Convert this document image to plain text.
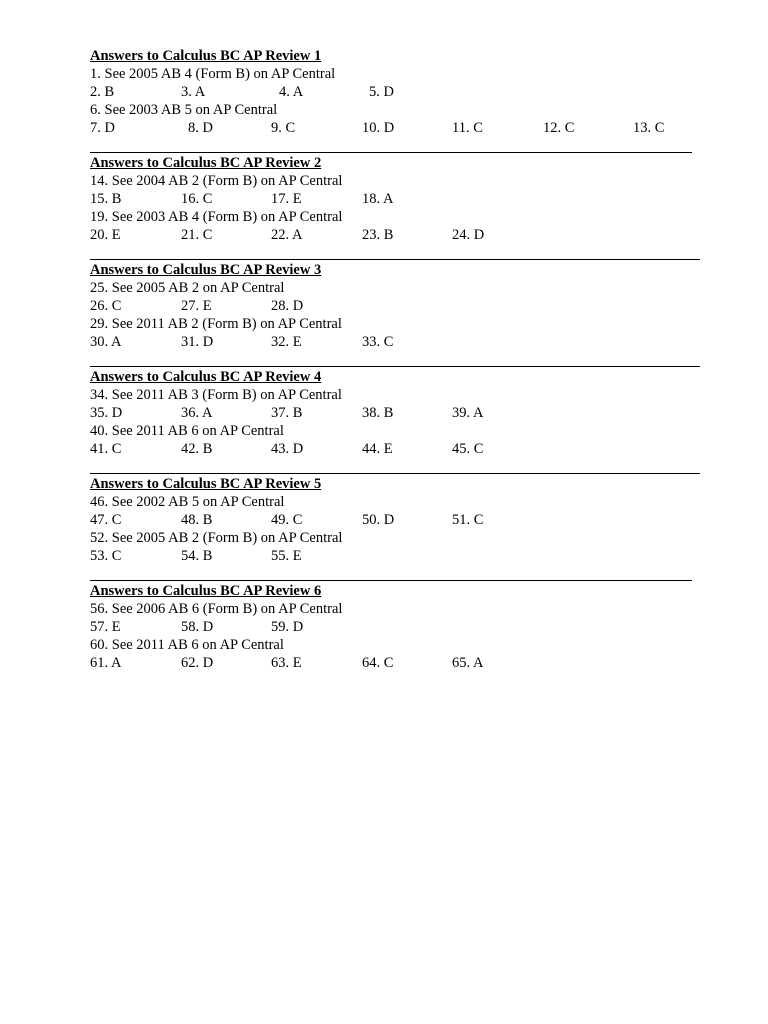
Answers to Calculus BC AP Review 1
1. See 2005 AB 4 (Form B) on AP Central
2. B	3. A	4. A	5. D
6. See 2003 AB 5 on AP Central
7. D	8. D	9. C	10. D	11. C	12. C	13. C
Answers to Calculus BC AP Review 2
14. See 2004 AB 2 (Form B) on AP Central
15. B	16. C	17. E	18. A
19. See 2003 AB 4 (Form B) on AP Central
20. E	21. C	22. A	23. B	24. D
Answers to Calculus BC AP Review 3
25. See 2005 AB 2 on AP Central
26. C	27. E	28. D
29. See 2011 AB 2 (Form B) on AP Central
30. A	31. D	32. E	33. C
Answers to Calculus BC AP Review 4
34. See 2011 AB 3 (Form B) on AP Central
35. D	36. A	37. B	38. B	39. A
40. See 2011 AB 6 on AP Central
41. C	42. B	43. D	44. E	45. C
Answers to Calculus BC AP Review 5
46. See 2002 AB 5 on AP Central
47. C	48. B	49. C	50. D	51. C
52. See 2005 AB 2 (Form B) on AP Central
53. C	54. B	55. E
Answers to Calculus BC AP Review 6
56. See 2006 AB 6 (Form B) on AP Central
57. E	58. D	59. D
60. See 2011 AB 6 on AP Central
61. A	62. D	63. E	64. C	65. A
